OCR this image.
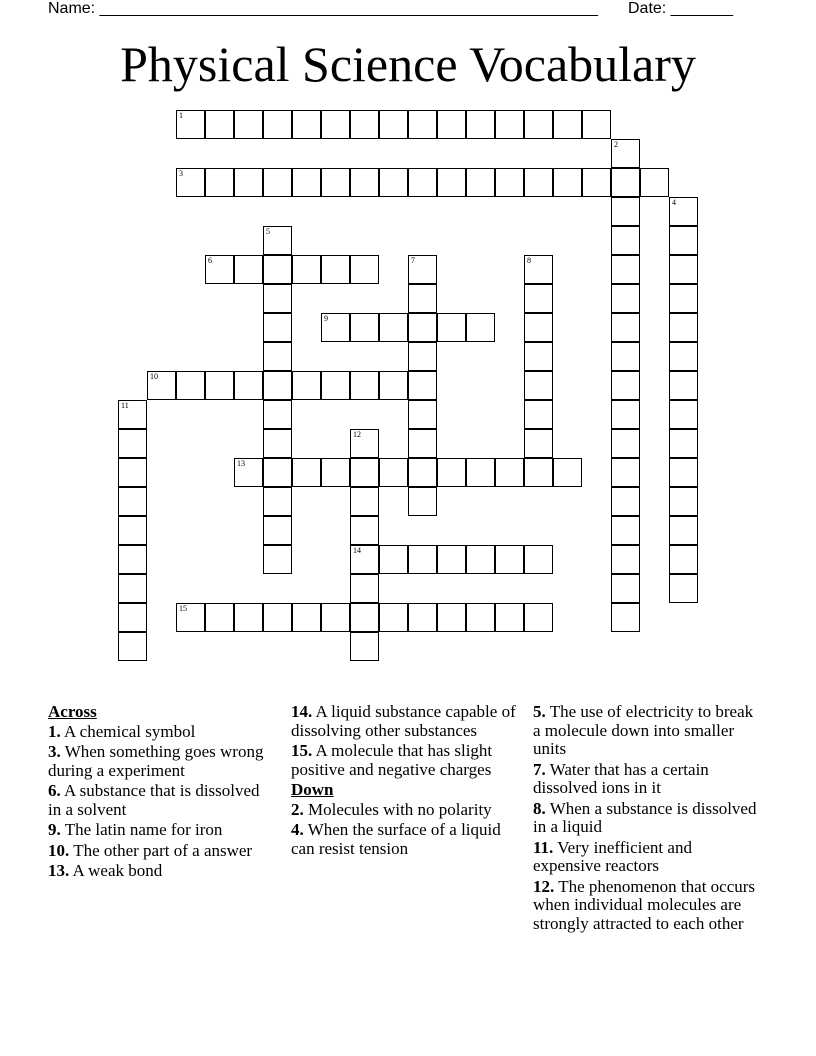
Name: ________________________________________________________ Date: _______
Physical Science Vocabulary
1
3
6
9
10
13
14
15
2
4
5
7	8
11
12
Across
1. A chemical symbol
3. When something goes wrong during a experiment
6. A substance that is dissolved in a solvent
9. The latin name for iron
10. The other part of a answer
13. A weak bond
14. A liquid substance capable of dissolving other substances
15. A molecule that has slight positive and negative charges
Down
2. Molecules with no polarity
4. When the surface of a liquid can resist tension
5. The use of electricity to break a molecule down into smaller units
7. Water that has a certain dissolved ions in it
8. When a substance is dissolved in a liquid
11. Very inefficient and expensive reactors
12. The phenomenon that occurs when individual molecules are strongly attracted to each other
